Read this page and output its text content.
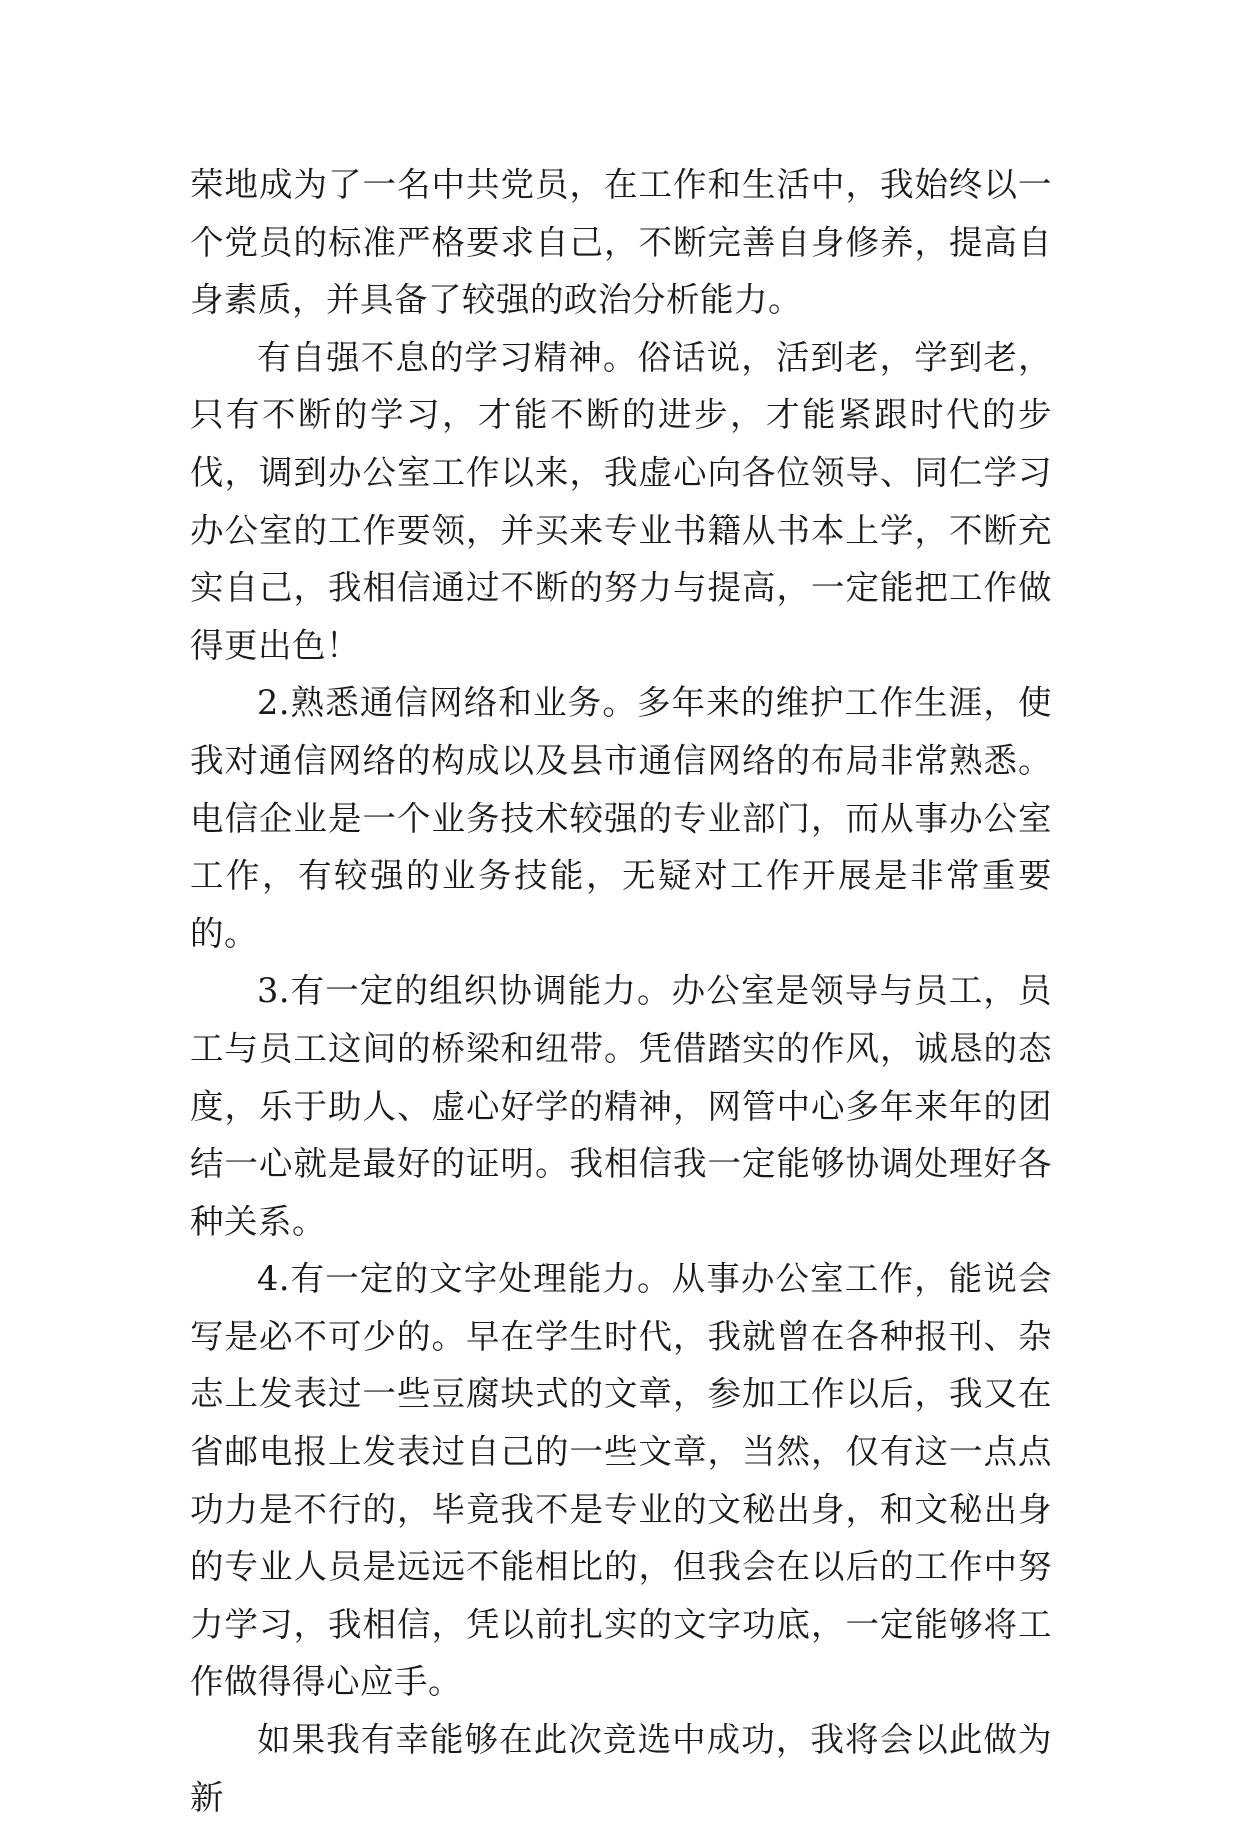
荣地成为了一名中共党员，在工作和生活中，我始终以一个党员的标准严格要求自己，不断完善自身修养，提高自身素质，并具备了较强的政治分析能力。

有自强不息的学习精神。俗话说，活到老，学到老，只有不断的学习，才能不断的进步，才能紧跟时代的步伐，调到办公室工作以来，我虚心向各位领导、同仁学习办公室的工作要领，并买来专业书籍从书本上学，不断充实自己，我相信通过不断的努力与提高，一定能把工作做得更出色！

2.熟悉通信网络和业务。多年来的维护工作生涯，使我对通信网络的构成以及县市通信网络的布局非常熟悉。电信企业是一个业务技术较强的专业部门，而从事办公室工作，有较强的业务技能，无疑对工作开展是非常重要的。

3.有一定的组织协调能力。办公室是领导与员工，员工与员工这间的桥梁和纽带。凭借踏实的作风，诚恳的态度，乐于助人、虚心好学的精神，网管中心多年来年的团结一心就是最好的证明。我相信我一定能够协调处理好各种关系。

4.有一定的文字处理能力。从事办公室工作，能说会写是必不可少的。早在学生时代，我就曾在各种报刊、杂志上发表过一些豆腐块式的文章，参加工作以后，我又在省邮电报上发表过自己的一些文章，当然，仅有这一点点功力是不行的，毕竟我不是专业的文秘出身，和文秘出身的专业人员是远远不能相比的，但我会在以后的工作中努力学习，我相信，凭以前扎实的文字功底，一定能够将工作做得得心应手。

如果我有幸能够在此次竞选中成功，我将会以此做为新
